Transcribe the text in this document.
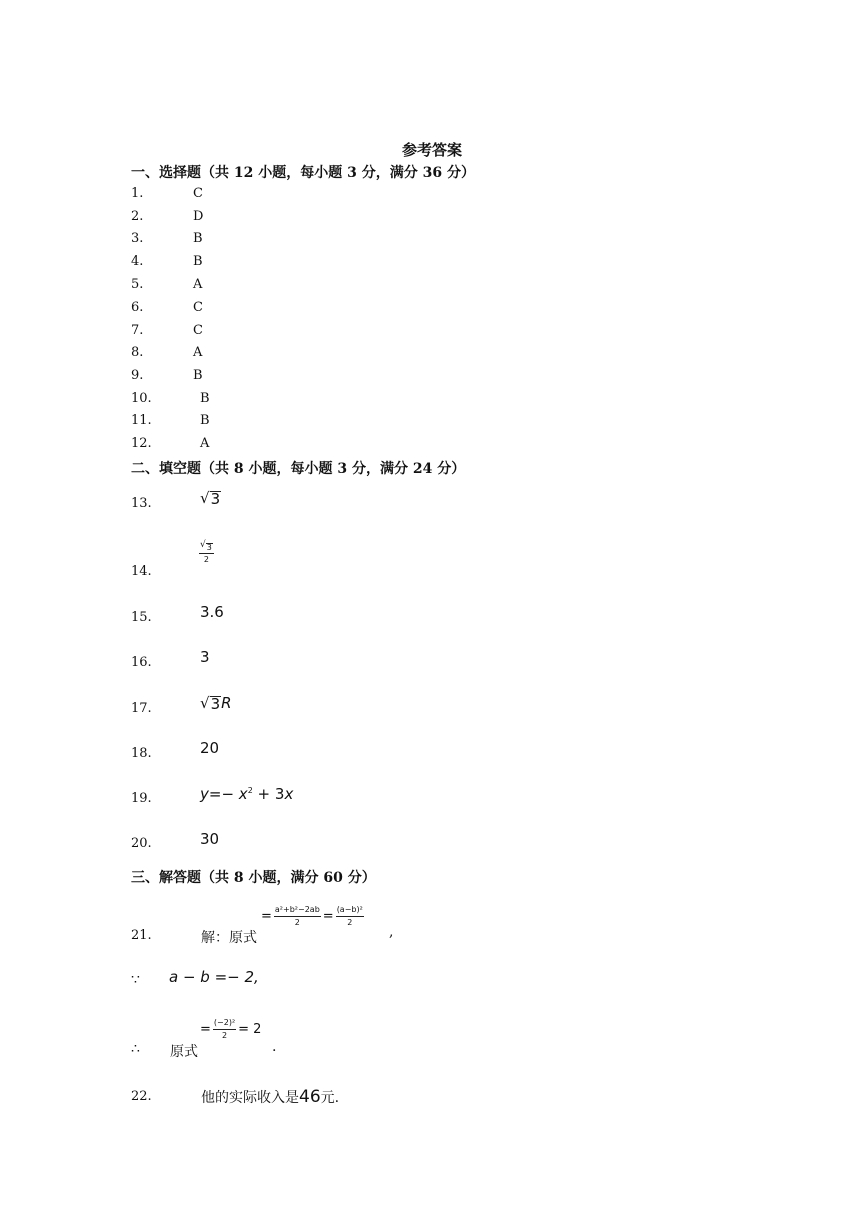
参考答案
一、选择题（共 12 小题，每小题 3 分，满分 36 分）
1.	C
2.	D
3.	B
4.	B
5.	A
6.	C
7.	C
8.	A
9.	B
10.	B
11.	B
12.	A
二、填空题（共 8 小题，每小题 3 分，满分 24 分）
13.	√ 3
14.
$\frac{√ 3}{2}$
15.	3.6
16.	3
17.	√ 3 R
18.	20
19.	$y=- x^2 + 3x$
20.	30
三、解答题（共 8 小题，满分 60 分）
21.	解：原式
= $\frac{\text{a²+b²−2ab}}{2} = \frac{\text{(a−b)²}}{2}$
,
∵ a − b =− 2,
∴ 原式
= $\frac{\text{(−2)²}}{2} = 2$
.
22.	他的实际收入是46元.
